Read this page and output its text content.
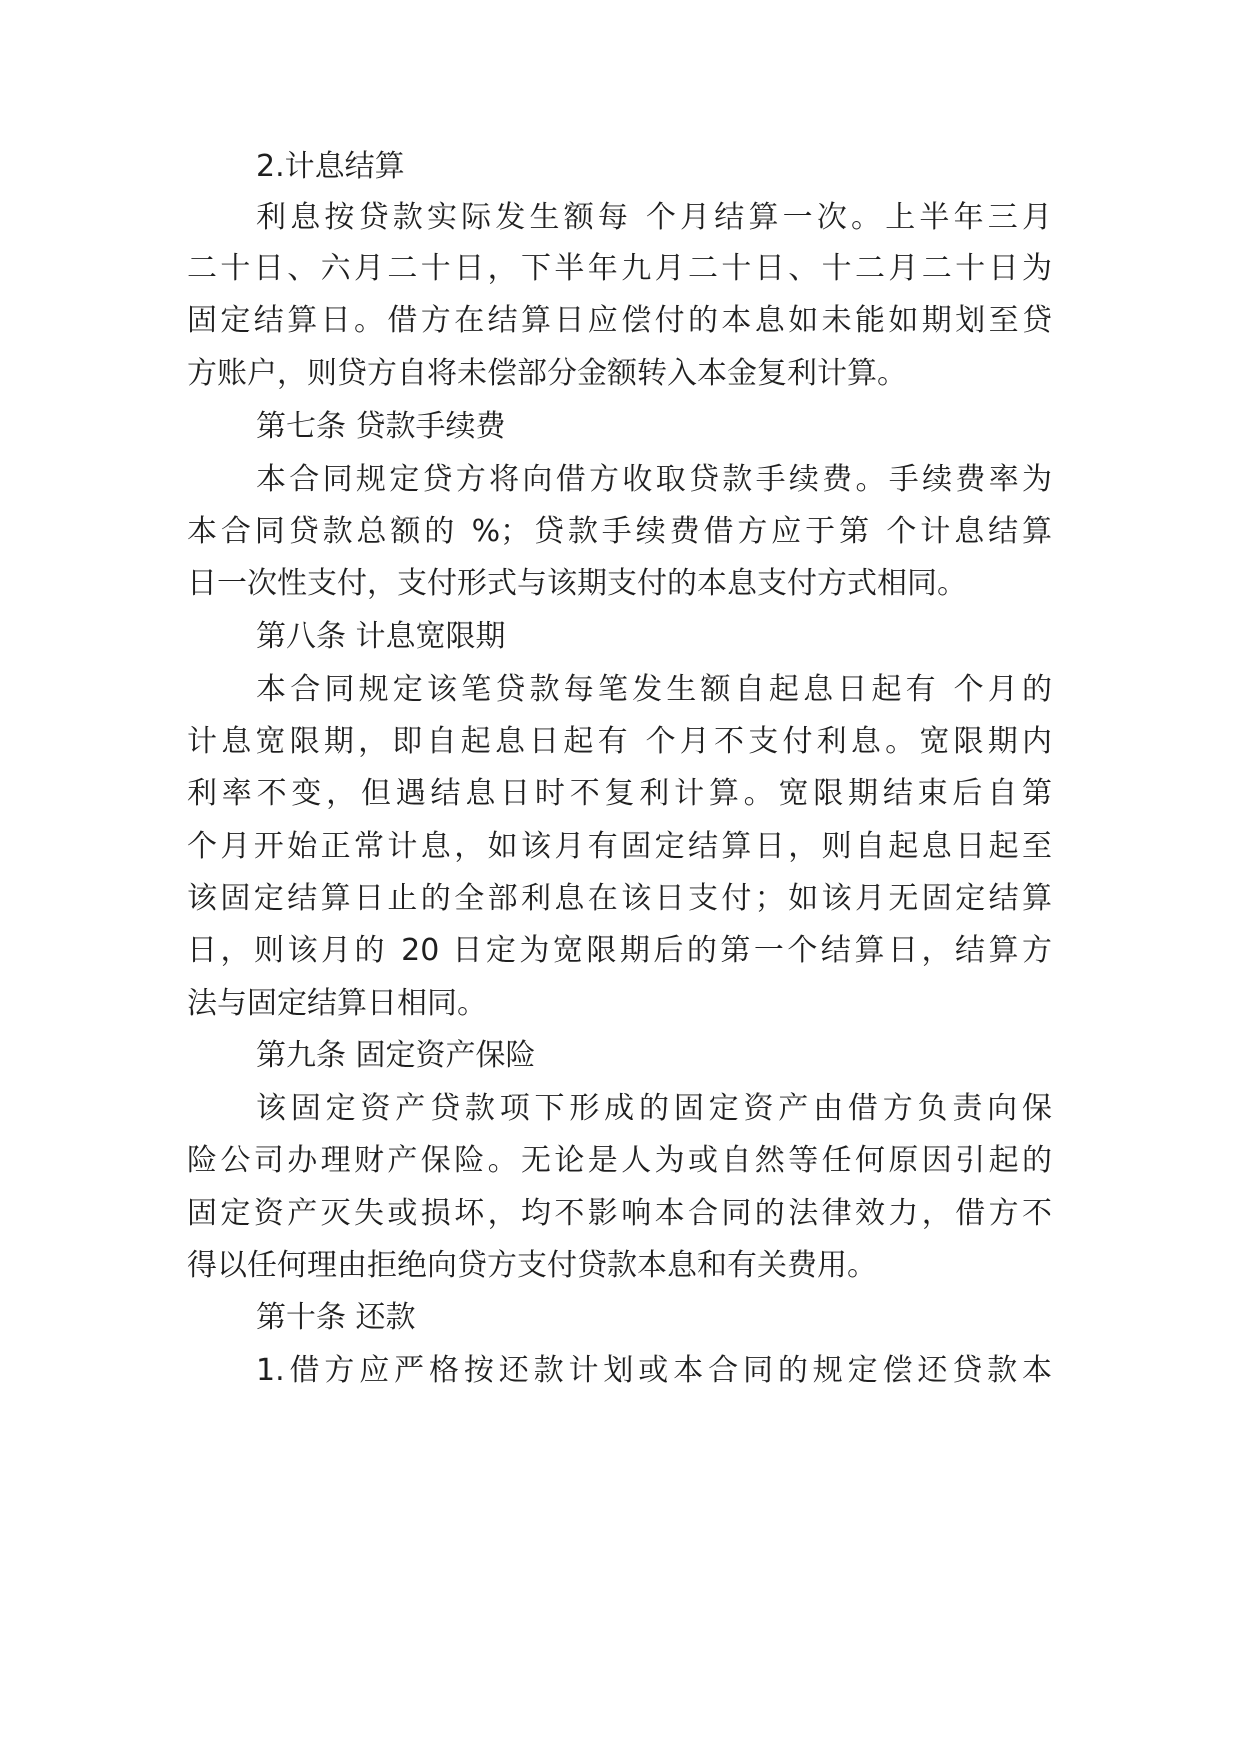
2.计息结算
利息按贷款实际发生额每 个月结算一次。上半年三月
二十日、六月二十日，下半年九月二十日、十二月二十日为
固定结算日。借方在结算日应偿付的本息如未能如期划至贷
方账户，则贷方自将未偿部分金额转入本金复利计算。
第七条 贷款手续费
本合同规定贷方将向借方收取贷款手续费。手续费率为
本合同贷款总额的 %；贷款手续费借方应于第 个计息结算
日一次性支付，支付形式与该期支付的本息支付方式相同。
第八条 计息宽限期
本合同规定该笔贷款每笔发生额自起息日起有 个月的
计息宽限期，即自起息日起有 个月不支付利息。宽限期内
利率不变，但遇结息日时不复利计算。宽限期结束后自第
个月开始正常计息，如该月有固定结算日，则自起息日起至
该固定结算日止的全部利息在该日支付；如该月无固定结算
日，则该月的 20 日定为宽限期后的第一个结算日，结算方
法与固定结算日相同。
第九条 固定资产保险
该固定资产贷款项下形成的固定资产由借方负责向保
险公司办理财产保险。无论是人为或自然等任何原因引起的
固定资产灭失或损坏，均不影响本合同的法律效力，借方不
得以任何理由拒绝向贷方支付贷款本息和有关费用。
第十条 还款
1.借方应严格按还款计划或本合同的规定偿还贷款本
